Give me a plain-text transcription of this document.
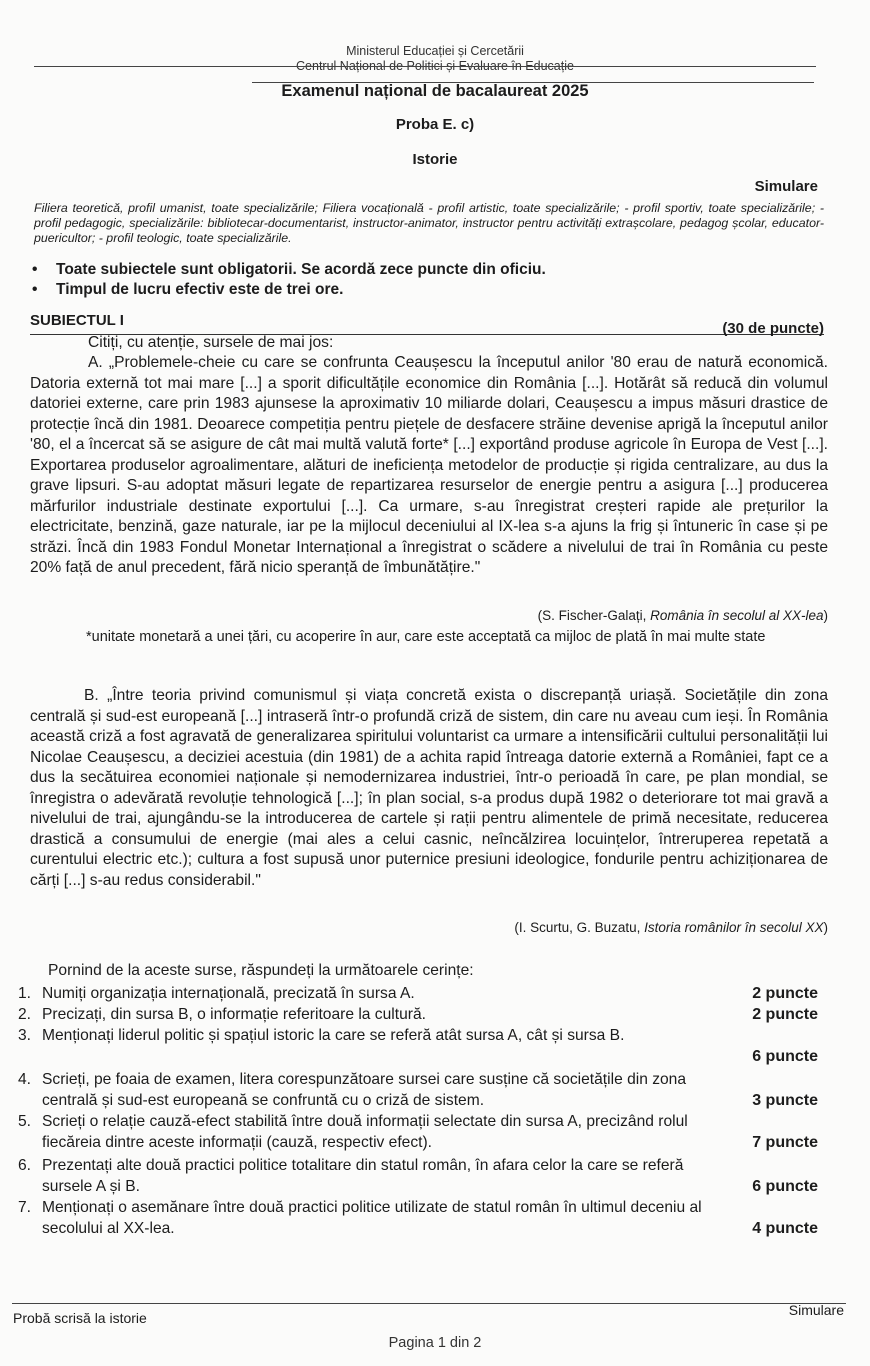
Ministerul Educației și Cercetării
Centrul Național de Politici și Evaluare în Educație
Examenul național de bacalaureat 2025
Proba E. c)
Istorie
Simulare
Filiera teoretică, profil umanist, toate specializările; Filiera vocațională - profil artistic, toate specializările; - profil sportiv, toate specializările; - profil pedagogic, specializările: bibliotecar-documentarist, instructor-animator, instructor pentru activități extrașcolare, pedagog școlar, educator-puericultor; - profil teologic, toate specializările.
• Toate subiectele sunt obligatorii. Se acordă zece puncte din oficiu.
• Timpul de lucru efectiv este de trei ore.
SUBIECTUL I	(30 de puncte)
Citiți, cu atenție, sursele de mai jos:
A. „Problemele-cheie cu care se confrunta Ceaușescu la începutul anilor '80 erau de natură economică. Datoria externă tot mai mare [...] a sporit dificultățile economice din România [...]. Hotărât să reducă din volumul datoriei externe, care prin 1983 ajunsese la aproximativ 10 miliarde dolari, Ceaușescu a impus măsuri drastice de protecție încă din 1981. Deoarece competiția pentru piețele de desfacere străine devenise aprigă la începutul anilor '80, el a încercat să se asigure de cât mai multă valută forte* [...] exportând produse agricole în Europa de Vest [...]. Exportarea produselor agroalimentare, alături de ineficiența metodelor de producție și rigida centralizare, au dus la grave lipsuri. S-au adoptat măsuri legate de repartizarea resurselor de energie pentru a asigura [...] producerea mărfurilor industriale destinate exportului [...]. Ca urmare, s-au înregistrat creșteri rapide ale prețurilor la electricitate, benzină, gaze naturale, iar pe la mijlocul deceniului al IX-lea s-a ajuns la frig și întuneric în case și pe străzi. Încă din 1983 Fondul Monetar Internațional a înregistrat o scădere a nivelului de trai în România cu peste 20% față de anul precedent, fără nicio speranță de îmbunătățire."
(S. Fischer-Galați, România în secolul al XX-lea)
*unitate monetară a unei țări, cu acoperire în aur, care este acceptată ca mijloc de plată în mai multe state
B. „Între teoria privind comunismul și viața concretă exista o discrepanță uriașă. Societățile din zona centrală și sud-est europeană [...] intraseră într-o profundă criză de sistem, din care nu aveau cum ieși. În România această criză a fost agravată de generalizarea spiritului voluntarist ca urmare a intensificării cultului personalității lui Nicolae Ceaușescu, a deciziei acestuia (din 1981) de a achita rapid întreaga datorie externă a României, fapt ce a dus la secătuirea economiei naționale și nemodernizarea industriei, într-o perioadă în care, pe plan mondial, se înregistra o adevărată revoluție tehnologică [...]; în plan social, s-a produs după 1982 o deteriorare tot mai gravă a nivelului de trai, ajungându-se la introducerea de cartele și rații pentru alimentele de primă necesitate, reducerea drastică a consumului de energie (mai ales a celui casnic, neîncălzirea locuințelor, întreruperea repetată a curentului electric etc.); cultura a fost supusă unor puternice presiuni ideologice, fondurile pentru achiziționarea de cărți [...] s-au redus considerabil."
(I. Scurtu, G. Buzatu, Istoria românilor în secolul XX)
Pornind de la aceste surse, răspundeți la următoarele cerințe:
1. Numiți organizația internațională, precizată în sursa A.	2 puncte
2. Precizați, din sursa B, o informație referitoare la cultură.	2 puncte
3. Menționați liderul politic și spațiul istoric la care se referă atât sursa A, cât și sursa B.
6 puncte
4. Scrieți, pe foaia de examen, litera corespunzătoare sursei care susține că societățile din zona centrală și sud-est europeană se confruntă cu o criză de sistem.	3 puncte
5. Scrieți o relație cauză-efect stabilită între două informații selectate din sursa A, precizând rolul fiecăreia dintre aceste informații (cauză, respectiv efect).	7 puncte
6. Prezentați alte două practici politice totalitare din statul român, în afara celor la care se referă sursele A și B.	6 puncte
7. Menționați o asemănare între două practici politice utilizate de statul român în ultimul deceniu al secolului al XX-lea.	4 puncte
Probă scrisă la istorie	Simulare
Pagina 1 din 2
